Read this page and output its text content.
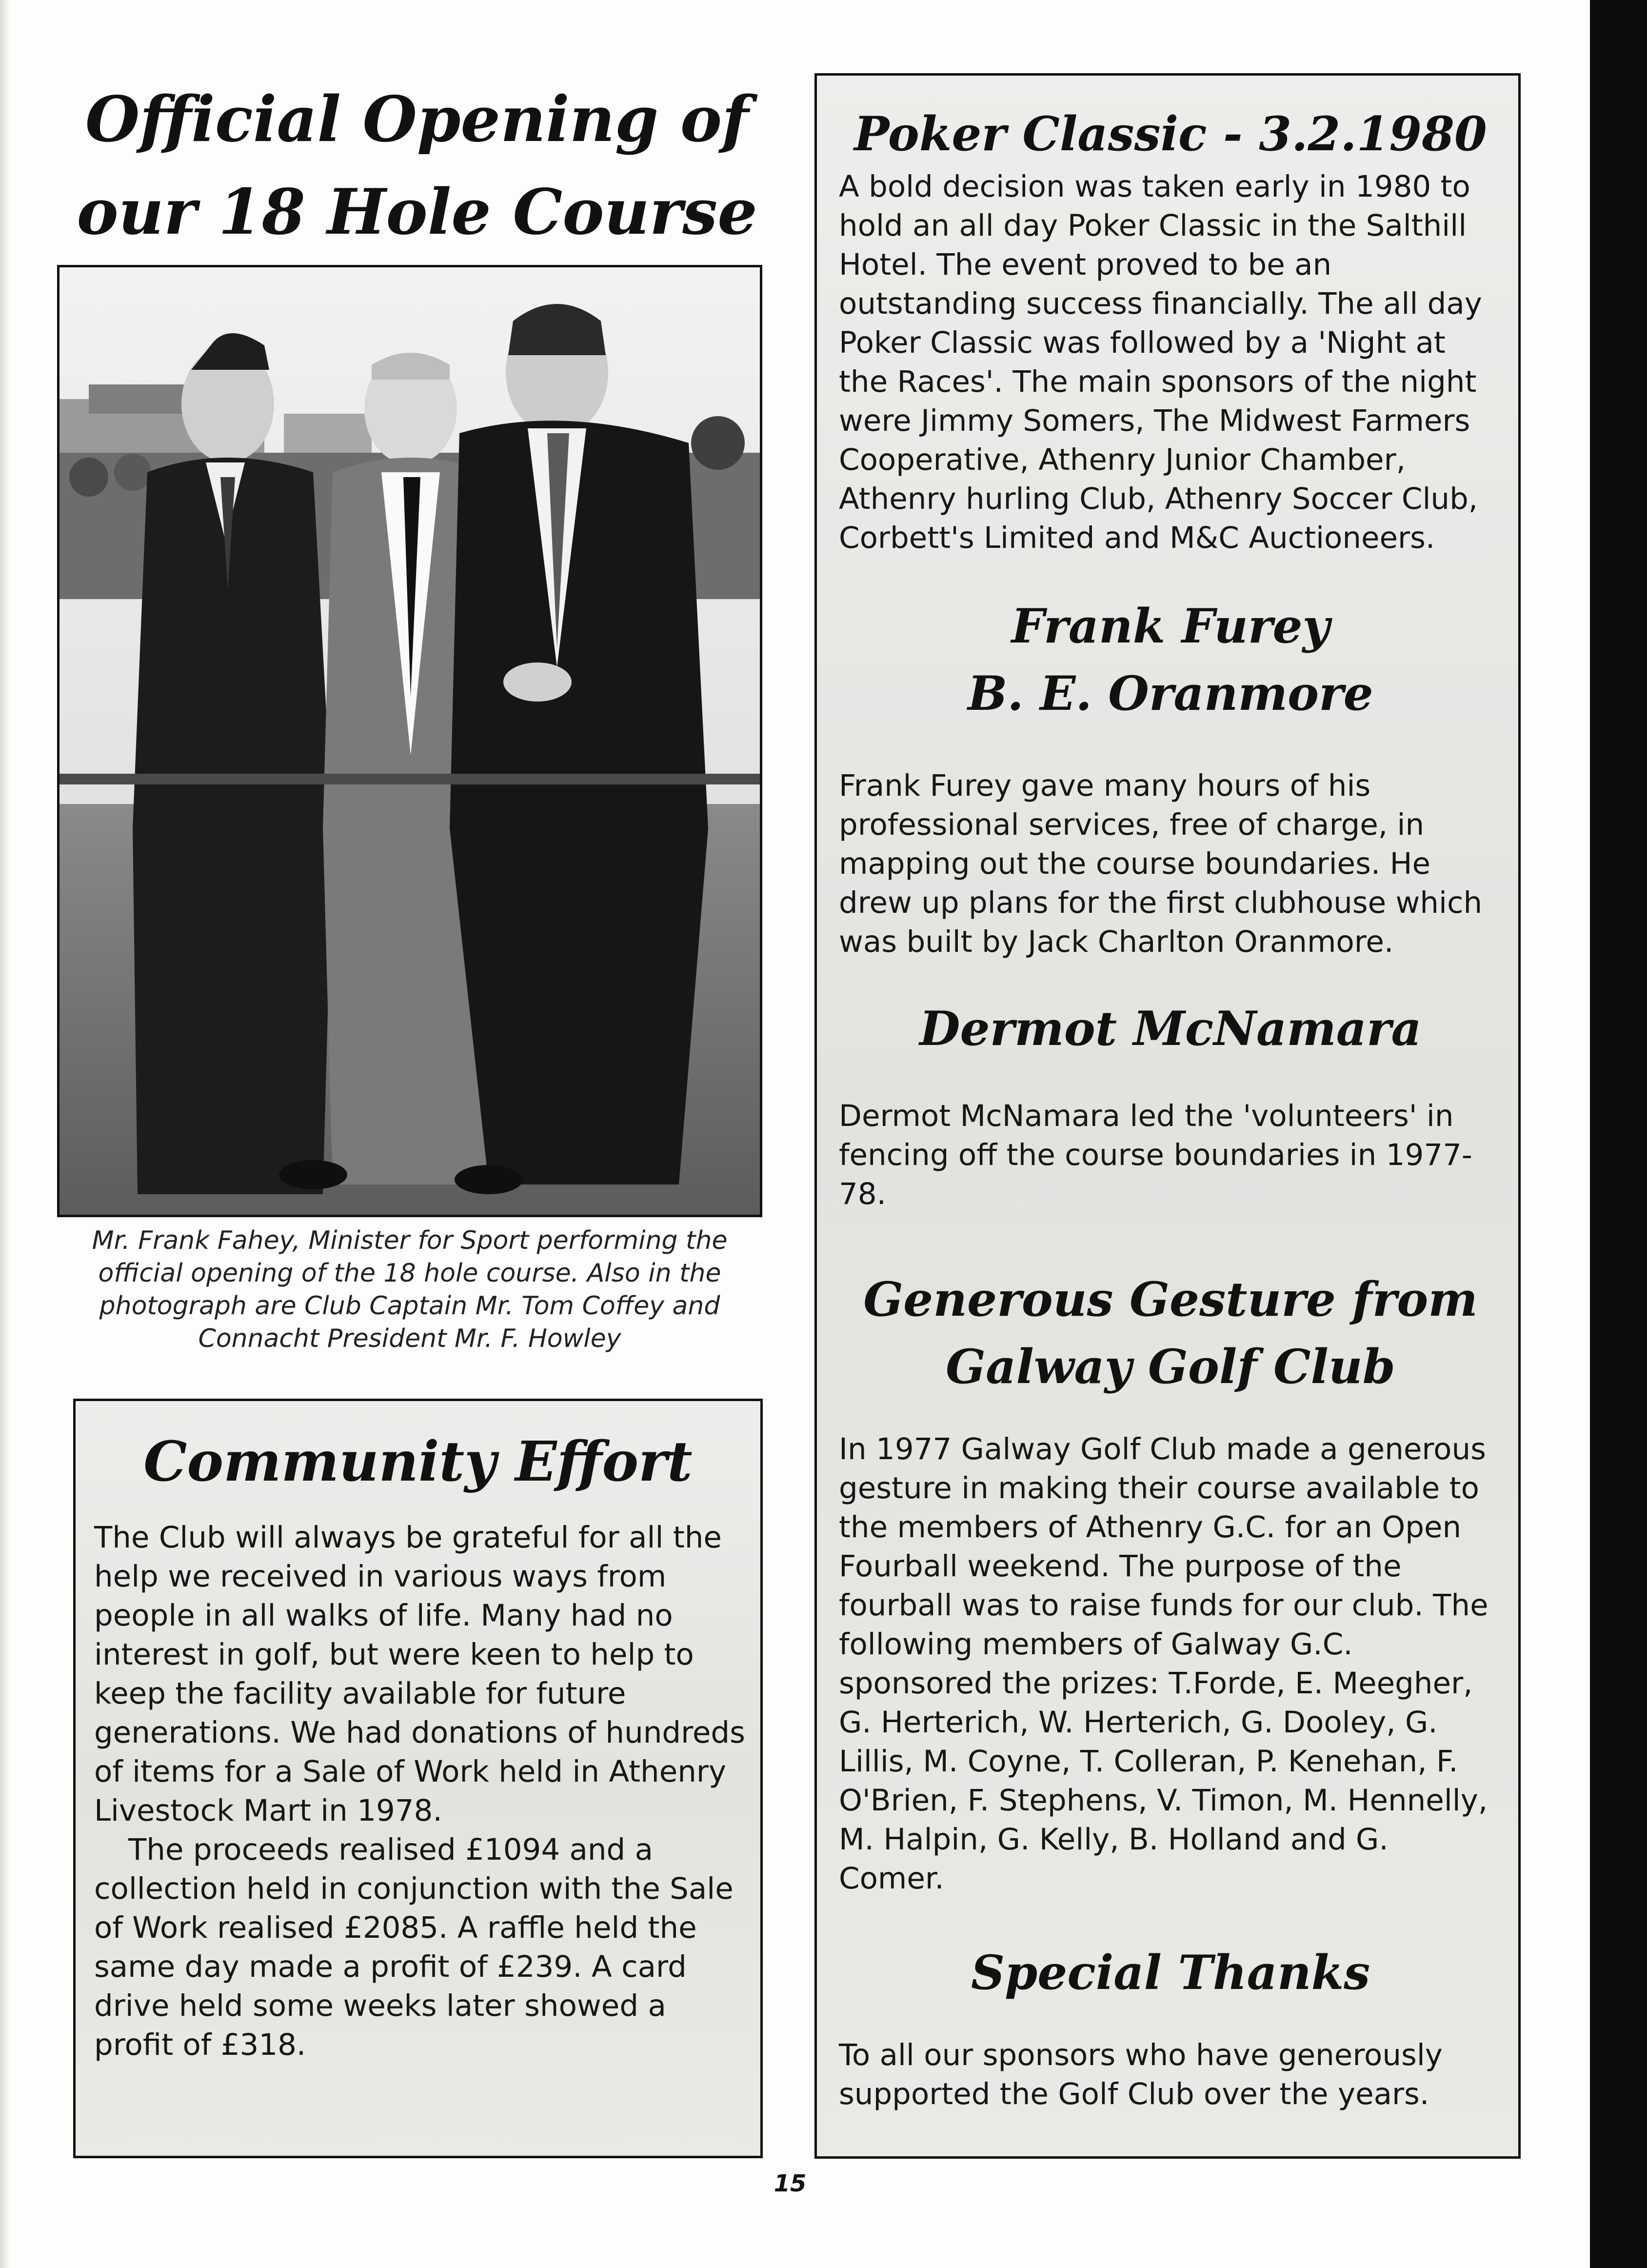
Official Opening of
our 18 Hole Course
Mr. Frank Fahey, Minister for Sport performing the official opening of the 18 hole course. Also in the photograph are Club Captain Mr. Tom Coffey and Connacht President Mr. F. Howley
Community Effort

The Club will always be grateful for all the help we received in various ways from people in all walks of life. Many had no interest in golf, but were keen to help to keep the facility available for future generations. We had donations of hundreds of items for a Sale of Work held in Athenry Livestock Mart in 1978.

The proceeds realised £1094 and a collection held in conjunction with the Sale of Work realised £2085. A raffle held the same day made a profit of £239. A card drive held some weeks later showed a profit of £318.

Poker Classic - 3.2.1980

A bold decision was taken early in 1980 to hold an all day Poker Classic in the Salthill Hotel. The event proved to be an outstanding success financially. The all day Poker Classic was followed by a 'Night at the Races'. The main sponsors of the night were Jimmy Somers, The Midwest Farmers Cooperative, Athenry Junior Chamber, Athenry hurling Club, Athenry Soccer Club, Corbett's Limited and M&C Auctioneers.

Frank Furey
B. E. Oranmore

Frank Furey gave many hours of his professional services, free of charge, in mapping out the course boundaries. He drew up plans for the first clubhouse which was built by Jack Charlton Oranmore.

Dermot McNamara

Dermot McNamara led the 'volunteers' in fencing off the course boundaries in 1977-78.

Generous Gesture from
Galway Golf Club

In 1977 Galway Golf Club made a generous gesture in making their course available to the members of Athenry G.C. for an Open Fourball weekend. The purpose of the fourball was to raise funds for our club. The following members of Galway G.C. sponsored the prizes: T.Forde, E. Meegher, G. Herterich, W. Herterich, G. Dooley, G. Lillis, M. Coyne, T. Colleran, P. Kenehan, F. O'Brien, F. Stephens, V. Timon, M. Hennelly, M. Halpin, G. Kelly, B. Holland and G. Comer.

Special Thanks

To all our sponsors who have generously supported the Golf Club over the years.

15
